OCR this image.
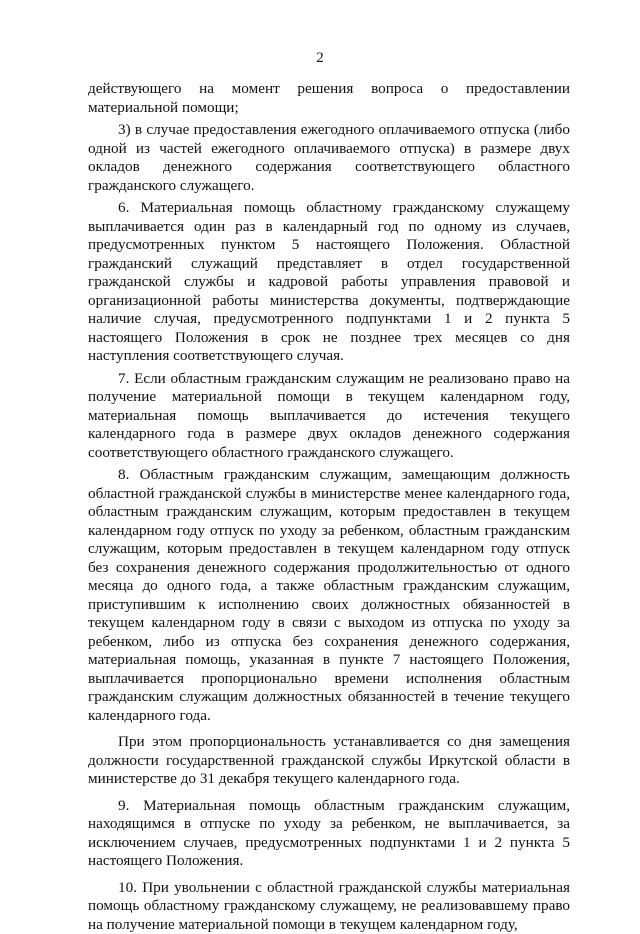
2

действующего на момент решения вопроса о предоставлении материальной помощи;

3) в случае предоставления ежегодного оплачиваемого отпуска (либо одной из частей ежегодного оплачиваемого отпуска) в размере двух окладов денежного содержания соответствующего областного гражданского служащего.

6. Материальная помощь областному гражданскому служащему выплачивается один раз в календарный год по одному из случаев, предусмотренных пунктом 5 настоящего Положения. Областной гражданский служащий представляет в отдел государственной гражданской службы и кадровой работы управления правовой и организационной работы министерства документы, подтверждающие наличие случая, предусмотренного подпунктами 1 и 2 пункта 5 настоящего Положения в срок не позднее трех месяцев со дня наступления соответствующего случая.

7. Если областным гражданским служащим не реализовано право на получение материальной помощи в текущем календарном году, материальная помощь выплачивается до истечения текущего календарного года в размере двух окладов денежного содержания соответствующего областного гражданского служащего.

8. Областным гражданским служащим, замещающим должность областной гражданской службы в министерстве менее календарного года, областным гражданским служащим, которым предоставлен в текущем календарном году отпуск по уходу за ребенком, областным гражданским служащим, которым предоставлен в текущем календарном году отпуск без сохранения денежного содержания продолжительностью от одного месяца до одного года, а также областным гражданским служащим, приступившим к исполнению своих должностных обязанностей в текущем календарном году в связи с выходом из отпуска по уходу за ребенком, либо из отпуска без сохранения денежного содержания, материальная помощь, указанная в пункте 7 настоящего Положения, выплачивается пропорционально времени исполнения областным гражданским служащим должностных обязанностей в течение текущего календарного года.

При этом пропорциональность устанавливается со дня замещения должности государственной гражданской службы Иркутской области в министерстве до 31 декабря текущего календарного года.

9. Материальная помощь областным гражданским служащим, находящимся в отпуске по уходу за ребенком, не выплачивается, за исключением случаев, предусмотренных подпунктами 1 и 2 пункта 5 настоящего Положения.

10. При увольнении с областной гражданской службы материальная помощь областному гражданскому служащему, не реализовавшему право на получение материальной помощи в текущем календарном году,
